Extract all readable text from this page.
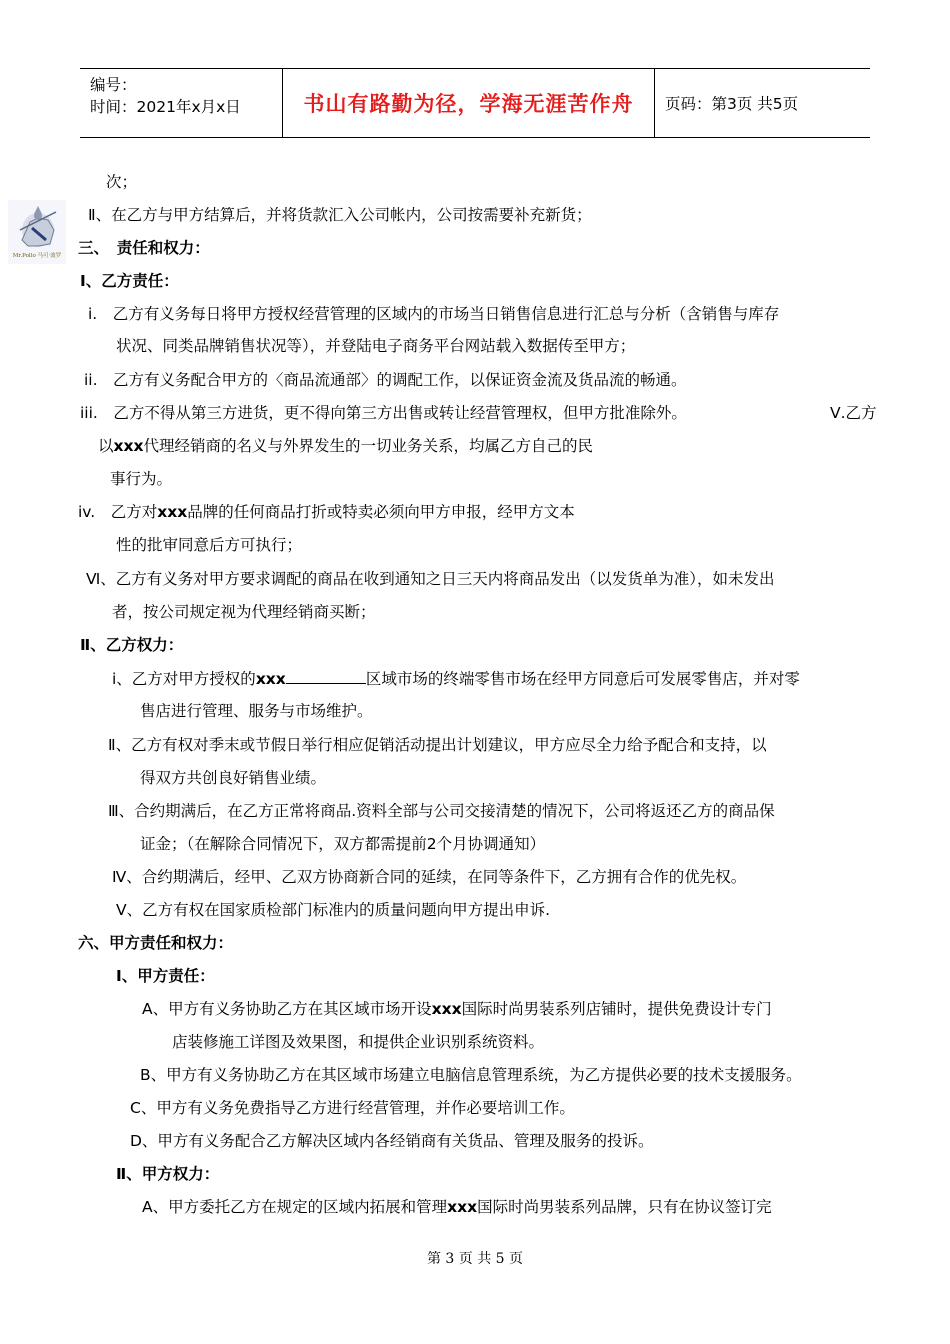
编号：
时间：2021年x月x日	书山有路勤为径，学海无涯苦作舟 页码：第3页 共5页
Mr.Pollo 马可·波罗
次；
Ⅱ、在乙方与甲方结算后，并将货款汇入公司帐内，公司按需要补充新货；
三、　责任和权力：
Ⅰ、乙方责任：
i.　乙方有义务每日将甲方授权经营管理的区域内的市场当日销售信息进行汇总与分析（含销售与库存
状况、同类品牌销售状况等），并登陆电子商务平台网站载入数据传至甲方；
ii.　乙方有义务配合甲方的〈商品流通部〉的调配工作，以保证资金流及货品流的畅通。
iii.　乙方不得从第三方进货，更不得向第三方出售或转让经营管理权，但甲方批准除外。	Ⅴ.乙方
以xxx代理经销商的名义与外界发生的一切业务关系，均属乙方自己的民
事行为。
iv.　乙方对xxx品牌的任何商品打折或特卖必须向甲方申报，经甲方文本
性的批审同意后方可执行；
Ⅵ、乙方有义务对甲方要求调配的商品在收到通知之日三天内将商品发出（以发货单为准），如未发出
者，按公司规定视为代理经销商买断；
Ⅱ、乙方权力：
ⅰ、乙方对甲方授权的xxx	区域市场的终端零售市场在经甲方同意后可发展零售店，并对零
售店进行管理、服务与市场维护。
Ⅱ、乙方有权对季末或节假日举行相应促销活动提出计划建议，甲方应尽全力给予配合和支持，以
得双方共创良好销售业绩。
Ⅲ、合约期满后，在乙方正常将商品.资料全部与公司交接清楚的情况下，公司将返还乙方的商品保
证金；（在解除合同情况下，双方都需提前2个月协调通知）
Ⅳ、合约期满后，经甲、乙双方协商新合同的延续，在同等条件下，乙方拥有合作的优先权。
Ⅴ、乙方有权在国家质检部门标准内的质量问题向甲方提出申诉.
六、甲方责任和权力：
Ⅰ、甲方责任：
A、甲方有义务协助乙方在其区域市场开设xxx国际时尚男装系列店铺时，提供免费设计专门
店装修施工详图及效果图，和提供企业识别系统资料。
B、甲方有义务协助乙方在其区域市场建立电脑信息管理系统，为乙方提供必要的技术支援服务。
C、甲方有义务免费指导乙方进行经营管理，并作必要培训工作。
D、甲方有义务配合乙方解决区域内各经销商有关货品、管理及服务的投诉。
Ⅱ、甲方权力：
A、甲方委托乙方在规定的区域内拓展和管理xxx国际时尚男装系列品牌，只有在协议签订完
第 3 页 共 5 页
